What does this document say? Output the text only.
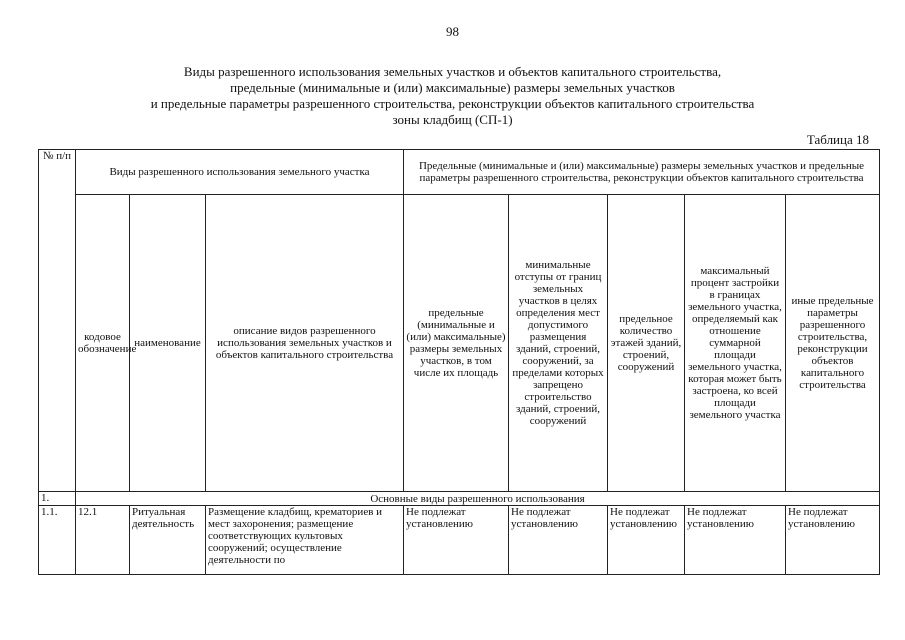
98
Виды разрешенного использования земельных участков и объектов капитального строительства,
предельные (минимальные и (или) максимальные) размеры земельных участков
и предельные параметры разрешенного строительства, реконструкции объектов капитального строительства
зоны кладбищ (СП-1)
Таблица 18
№ п/п	Виды разрешенного использования земельного участка			Предельные (минимальные и (или) максимальные) размеры земельных участков и предельные параметры разрешенного строительства, реконструкции объектов капитального строительства				
	кодовое обозначение	наименование	описание видов разрешенного использования земельных участков и объектов капитального строительства	предельные (минимальные и (или) максимальные) размеры земельных участков, в том числе их площадь	минимальные отступы от границ земельных участков в целях определения мест допустимого размещения зданий, строений, сооружений, за пределами которых запрещено строительство зданий, строений, сооружений	предельное количество этажей зданий, строений, сооружений	максимальный процент застройки в границах земельного участка, определяемый как отношение суммарной площади земельного участка, которая может быть застроена, ко всей площади земельного участка	иные предельные параметры разрешенного строительства, реконструкции объектов капитального строительства
1.	Основные виды разрешенного использования							
1.1.	12.1	Ритуальная деятельность	Размещение кладбищ, крематориев и мест захоронения; размещение соответствующих культовых сооружений; осуществление деятельности по	Не подлежат установлению	Не подлежат установлению	Не подлежат установлению	Не подлежат установлению	Не подлежат установлению
